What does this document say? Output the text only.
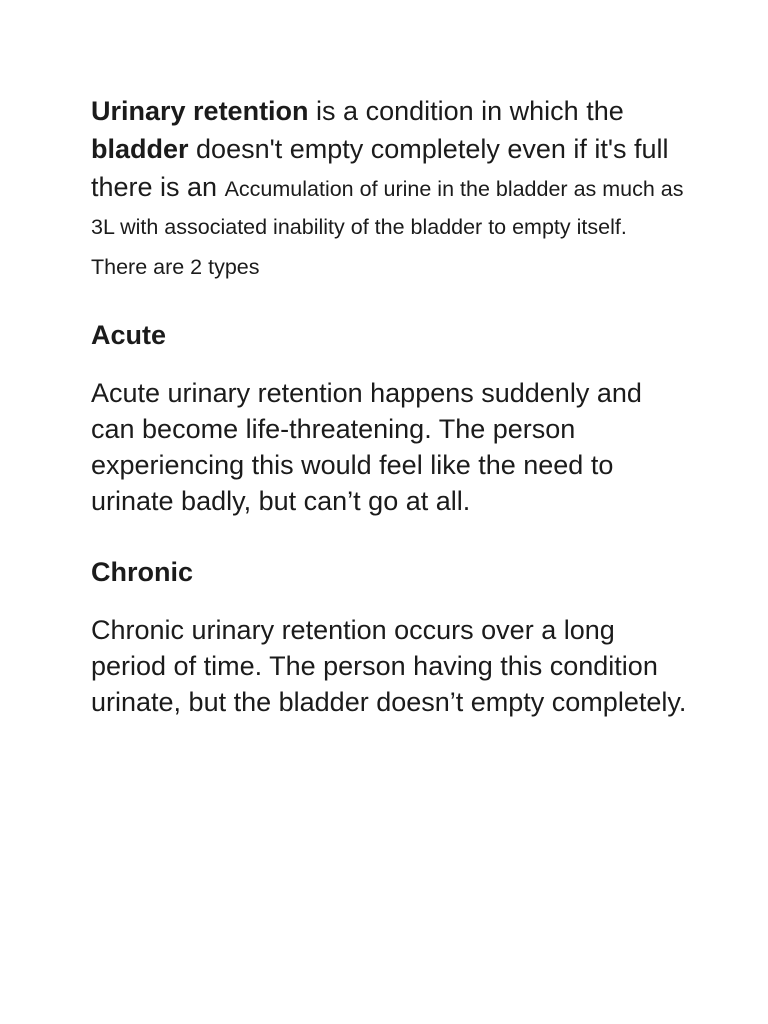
Urinary retention is a condition in which the bladder doesn't empty completely even if it's full there is an Accumulation of urine in the bladder as much as 3L with associated inability of the bladder to empty itself.

There are 2 types

Acute

Acute urinary retention happens suddenly and can become life-threatening. The person experiencing this would feel like the need to urinate badly, but can’t go at all.

Chronic

Chronic urinary retention occurs over a long period of time. The person having this condition urinate, but the bladder doesn’t empty completely.
